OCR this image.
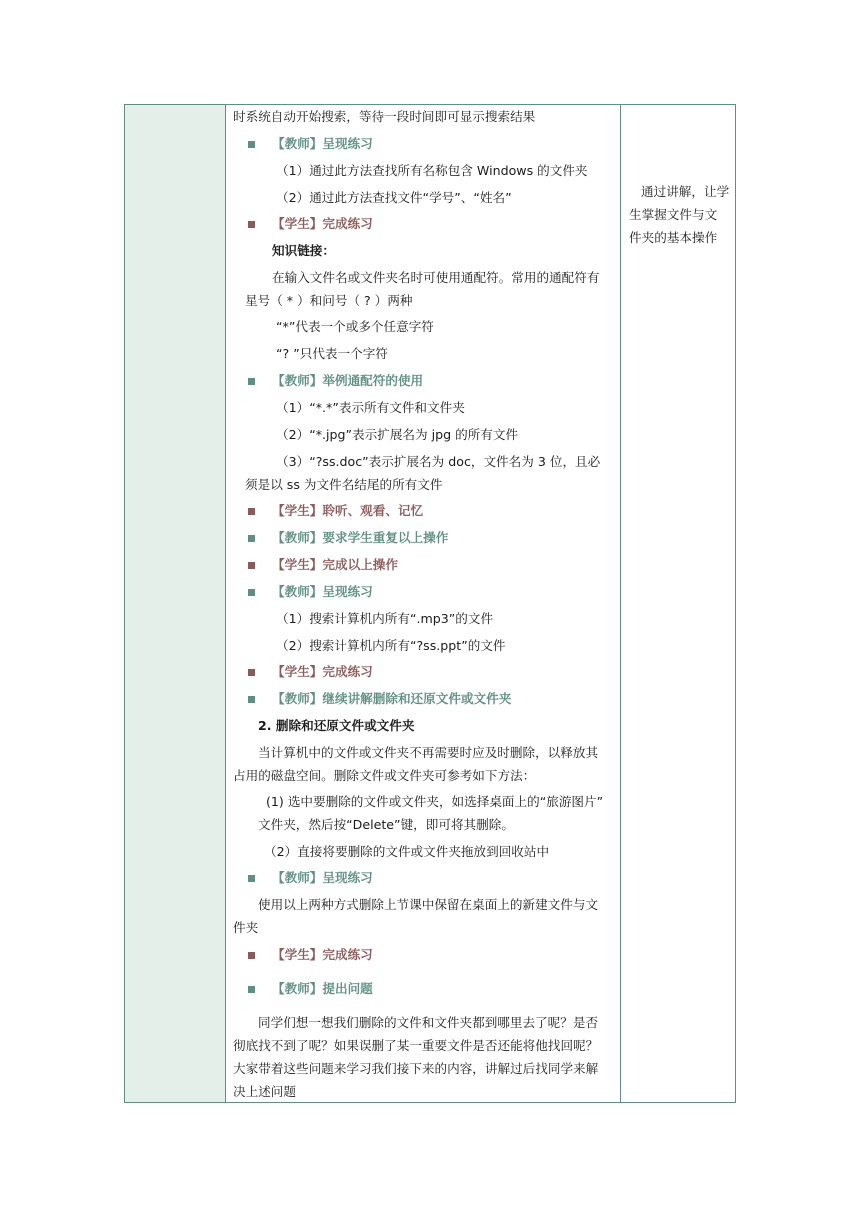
时系统自动开始搜索，等待一段时间即可显示搜索结果
【教师】呈现练习
（1）通过此方法查找所有名称包含 Windows 的文件夹
（2）通过此方法查找文件“学号”、“姓名”
【学生】完成练习
知识链接：
在输入文件名或文件夹名时可使用通配符。常用的通配符有
星号（ * ）和问号（ ? ）两种
“*”代表一个或多个任意字符
“? ”只代表一个字符
【教师】举例通配符的使用
（1）“*.*”表示所有文件和文件夹
（2）“*.jpg”表示扩展名为 jpg 的所有文件
（3）“?ss.doc”表示扩展名为 doc，文件名为 3 位，且必
须是以 ss 为文件名结尾的所有文件
【学生】聆听、观看、记忆
【教师】要求学生重复以上操作
【学生】完成以上操作
【教师】呈现练习
（1）搜索计算机内所有“.mp3”的文件
（2）搜索计算机内所有“?ss.ppt”的文件
【学生】完成练习
【教师】继续讲解删除和还原文件或文件夹
2. 删除和还原文件或文件夹
当计算机中的文件或文件夹不再需要时应及时删除，以释放其
占用的磁盘空间。删除文件或文件夹可参考如下方法：
(1) 选中要删除的文件或文件夹，如选择桌面上的“旅游图片”
文件夹，然后按“Delete”键，即可将其删除。
（2）直接将要删除的文件或文件夹拖放到回收站中
【教师】呈现练习
使用以上两种方式删除上节课中保留在桌面上的新建文件与文
件夹
【学生】完成练习
【教师】提出问题
同学们想一想我们删除的文件和文件夹都到哪里去了呢？是否
彻底找不到了呢？如果误删了某一重要文件是否还能将他找回呢？
大家带着这些问题来学习我们接下来的内容，讲解过后找同学来解
决上述问题
通过讲解，让学
生掌握文件与文
件夹的基本操作
